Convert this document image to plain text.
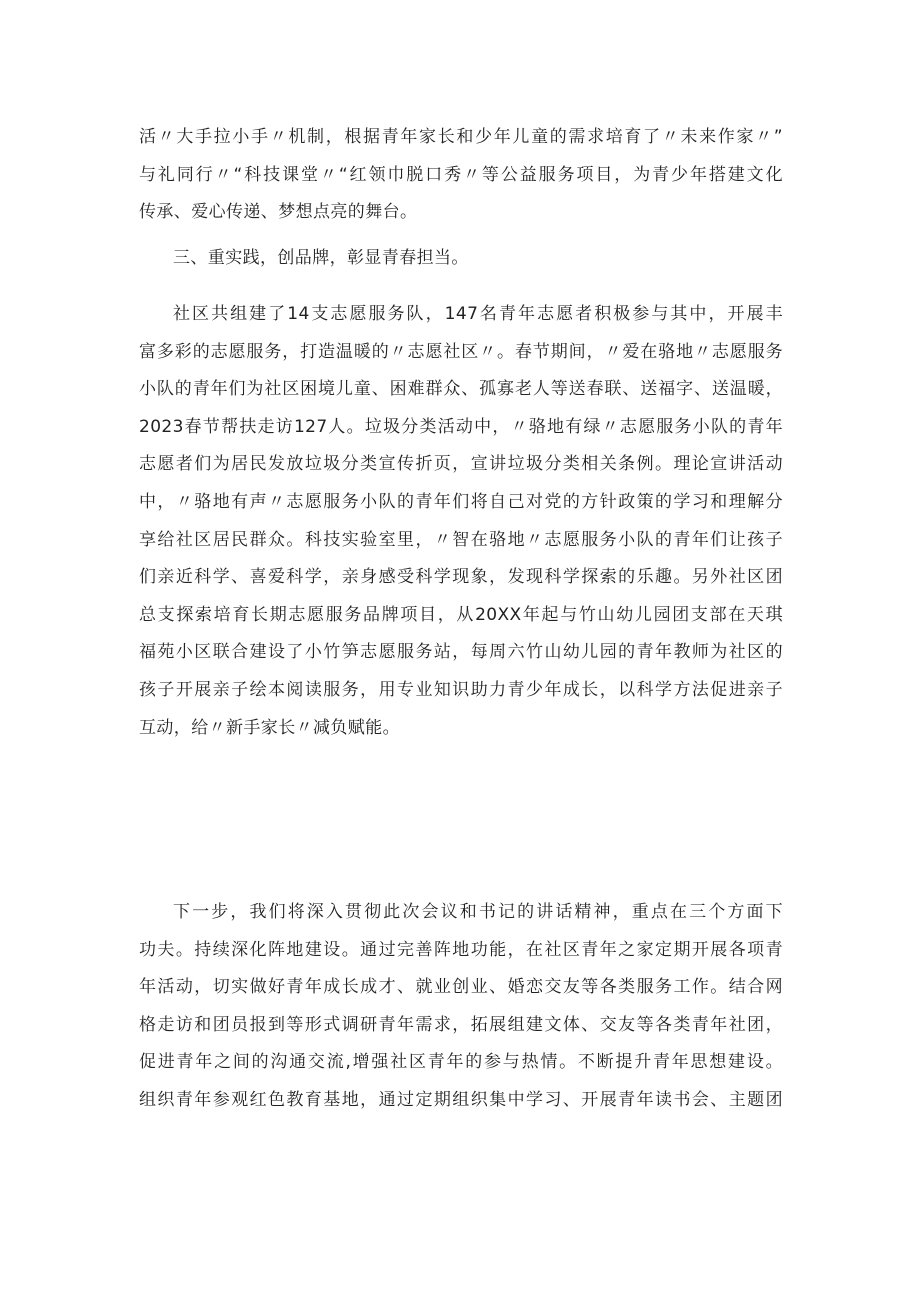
活〃大手拉小手〃机制，根据青年家长和少年儿童的需求培育了〃未来作家〃”
与礼同行〃“科技课堂〃“红领巾脱口秀〃等公益服务项目，为青少年搭建文化
传承、爱心传递、梦想点亮的舞台。
三、重实践，创品牌，彰显青春担当。
社区共组建了14支志愿服务队，147名青年志愿者积极参与其中，开展丰
富多彩的志愿服务，打造温暖的〃志愿社区〃。春节期间，〃爱在骆地〃志愿服务
小队的青年们为社区困境儿童、困难群众、孤寡老人等送春联、送福字、送温暖，
2023春节帮扶走访127人。垃圾分类活动中，〃骆地有绿〃志愿服务小队的青年
志愿者们为居民发放垃圾分类宣传折页，宣讲垃圾分类相关条例。理论宣讲活动
中，〃骆地有声〃志愿服务小队的青年们将自己对党的方针政策的学习和理解分
享给社区居民群众。科技实验室里，〃智在骆地〃志愿服务小队的青年们让孩子
们亲近科学、喜爱科学，亲身感受科学现象，发现科学探索的乐趣。另外社区团
总支探索培育长期志愿服务品牌项目，从20XX年起与竹山幼儿园团支部在天琪
福苑小区联合建设了小竹笋志愿服务站，每周六竹山幼儿园的青年教师为社区的
孩子开展亲子绘本阅读服务，用专业知识助力青少年成长，以科学方法促进亲子
互动，给〃新手家长〃减负赋能。
下一步，我们将深入贯彻此次会议和书记的讲话精神，重点在三个方面下
功夫。持续深化阵地建设。通过完善阵地功能，在社区青年之家定期开展各项青
年活动，切实做好青年成长成才、就业创业、婚恋交友等各类服务工作。结合网
格走访和团员报到等形式调研青年需求，拓展组建文体、交友等各类青年社团，
促进青年之间的沟通交流,增强社区青年的参与热情。不断提升青年思想建设。
组织青年参观红色教育基地，通过定期组织集中学习、开展青年读书会、主题团
